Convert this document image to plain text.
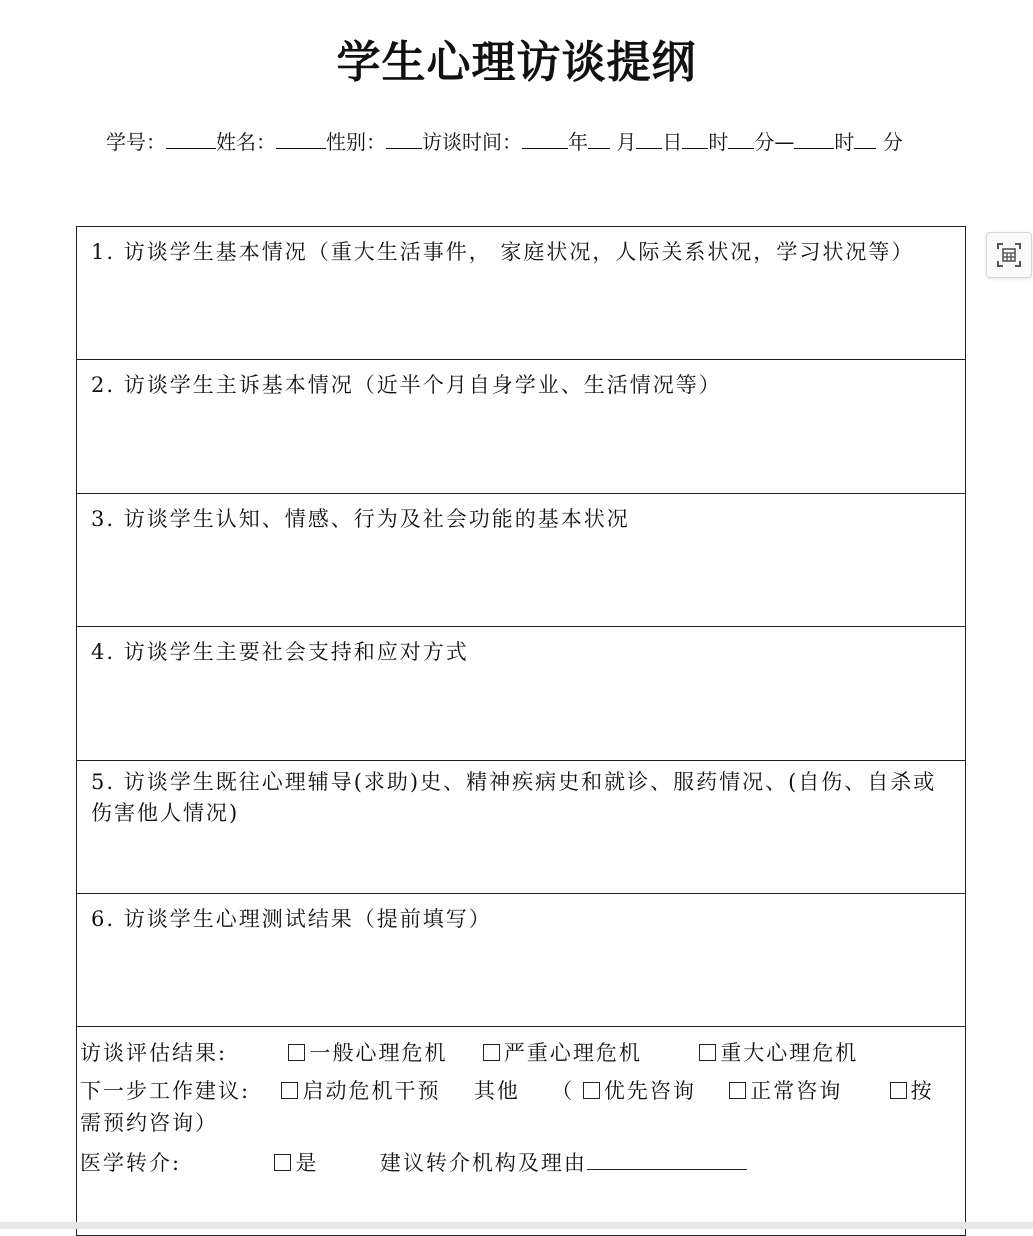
学生心理访谈提纲
学号：	姓名：	性别： 访谈时间： 年 月 日 时 分— 时 分
1. 访谈学生基本情况（重大生活事件， 家庭状况，人际关系状况，学习状况等）
2. 访谈学生主诉基本情况（近半个月自身学业、生活情况等）
3. 访谈学生认知、情感、行为及社会功能的基本状况
4. 访谈学生主要社会支持和应对方式
5. 访谈学生既往心理辅导(求助)史、精神疾病史和就诊、服药情况、(自伤、自杀或伤害他人情况)
6. 访谈学生心理测试结果（提前填写）
访谈评估结果:	一般心理危机	严重心理危机	重大心理危机
下一步工作建议: 启动危机干预 其他 （ 优先咨询	正常咨询	按
需预约咨询）
医学转介:	是	建议转介机构及理由
